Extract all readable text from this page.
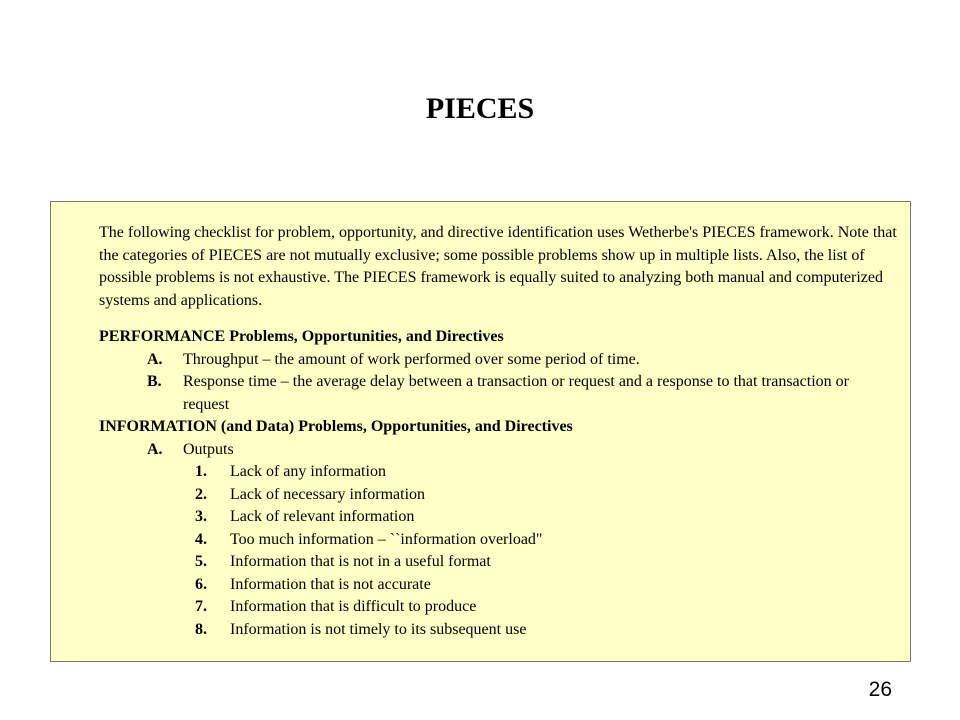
PIECES

The following checklist for problem, opportunity, and directive identification uses Wetherbe's PIECES framework. Note that the categories of PIECES are not mutually exclusive; some possible problems show up in multiple lists. Also, the list of possible problems is not exhaustive. The PIECES framework is equally suited to analyzing both manual and computerized systems and applications.

PERFORMANCE Problems, Opportunities, and Directives
A. Throughput – the amount of work performed over some period of time.
B. Response time – the average delay between a transaction or request and a response to that transaction or request
INFORMATION (and Data) Problems, Opportunities, and Directives
A. Outputs
1. Lack of any information
2. Lack of necessary information
3. Lack of relevant information
4. Too much information – ``information overload"
5. Information that is not in a useful format
6. Information that is not accurate
7. Information that is difficult to produce
8. Information is not timely to its subsequent use
26
